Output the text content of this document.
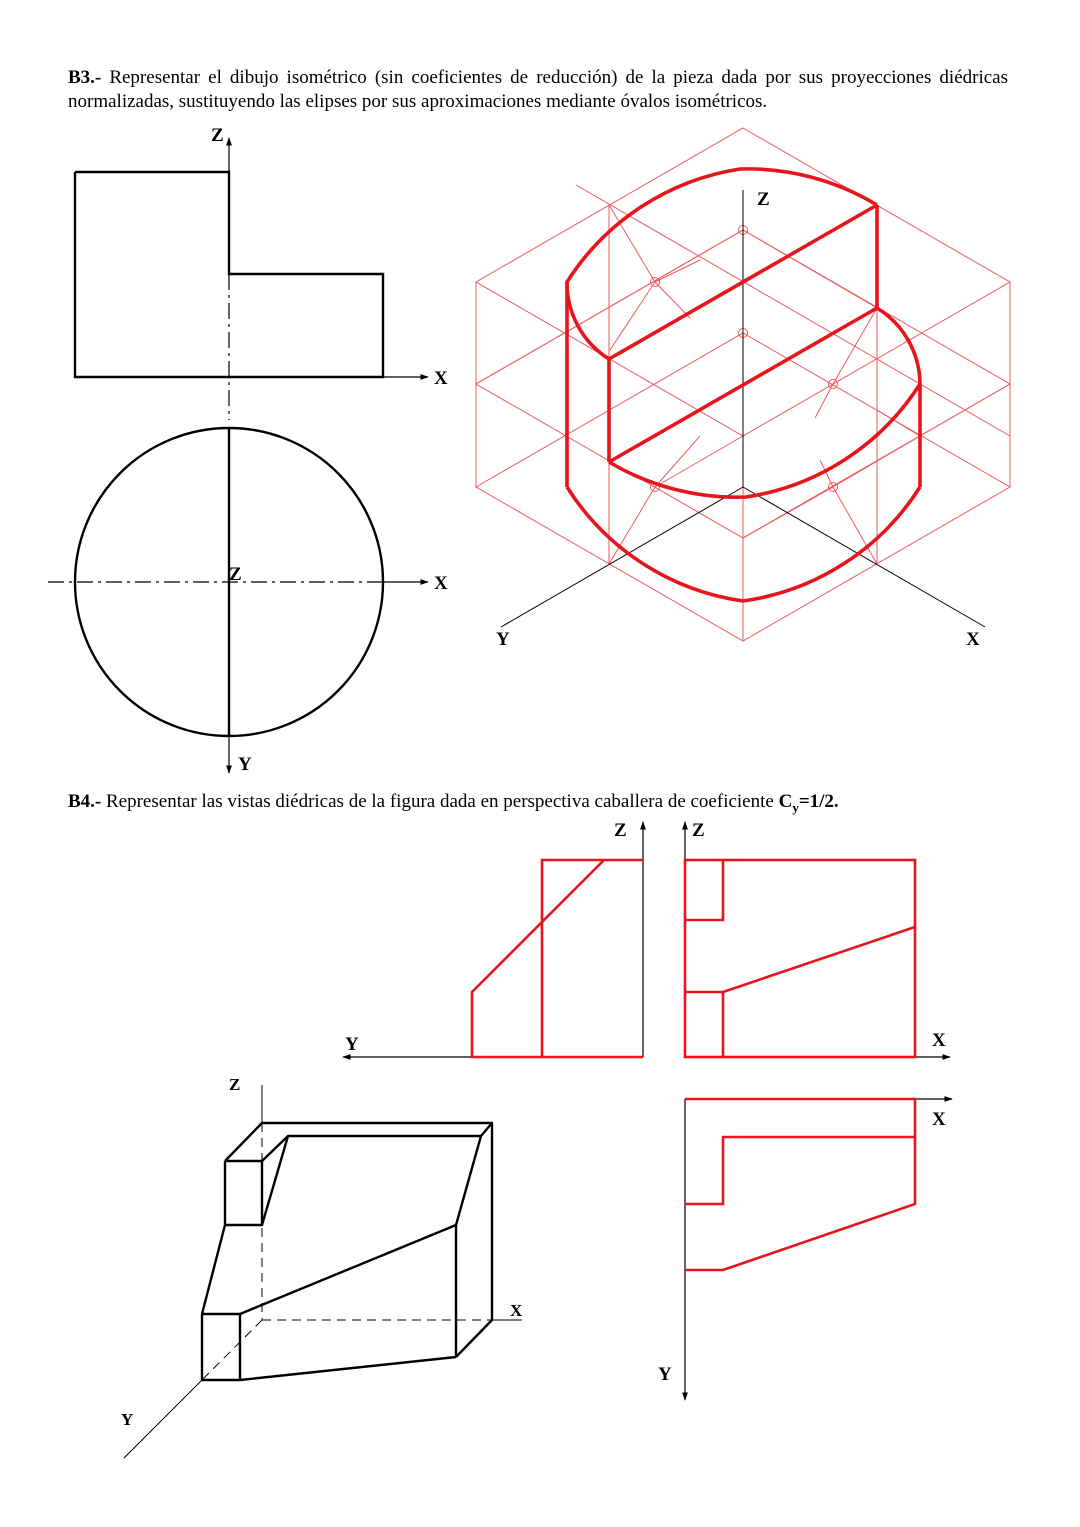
B3.- Representar el dibujo isométrico (sin coeficientes de reducción) de la pieza dada por sus proyecciones diédricas normalizadas, sustituyendo las elipses por sus aproximaciones mediante óvalos isométricos.
B4.- Representar las vistas diédricas de la figura dada en perspectiva caballera de coeficiente $C_y=1/2$.
Z
X
Z	X
Y
Z
X
Y
Z
Y
Z
X
X
Y
Z
X
Y
